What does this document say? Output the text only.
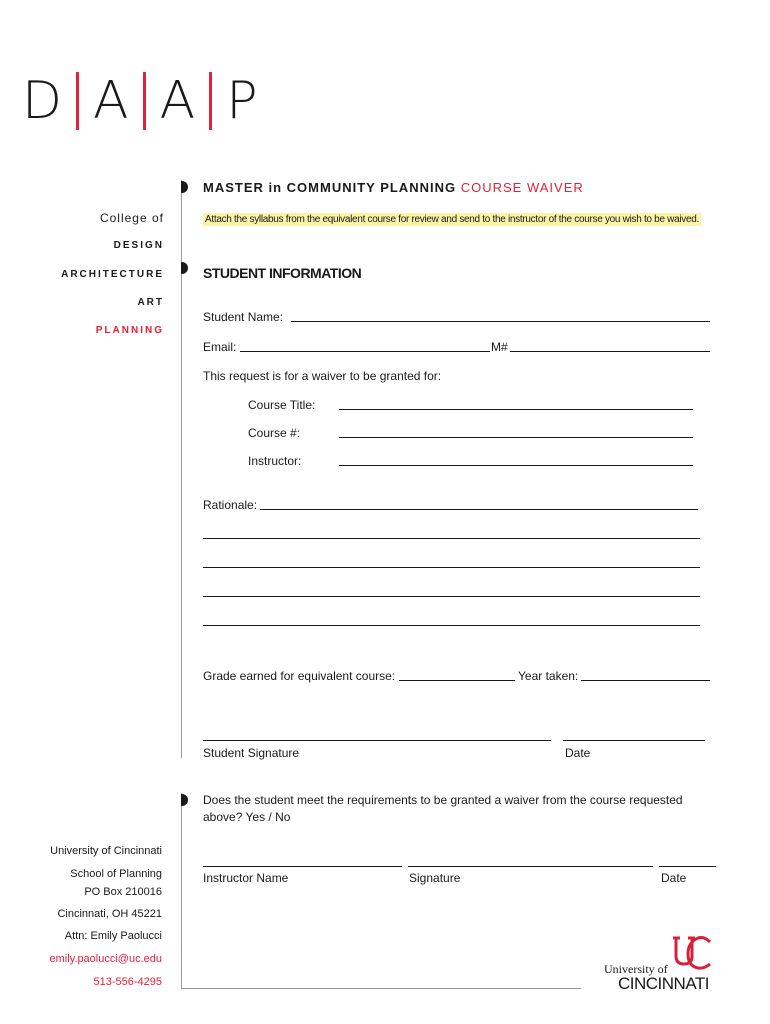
D A A P
College of
DESIGN
ARCHITECTURE
ART
PLANNING
MASTER in COMMUNITY PLANNING COURSE WAIVER
Attach the syllabus from the equivalent course for review and send to the instructor of the course you wish to be waived.
STUDENT INFORMATION
Student Name:
Email:	M#
This request is for a waiver to be granted for:
Course Title:
Course #:
Instructor:
Rationale:
Grade earned for equivalent course:	Year taken:
Student Signature	Date
Does the student meet the requirements to be granted a waiver from the course requested above? Yes / No
Instructor Name	Signature	Date
University of Cincinnati
School of Planning
PO Box 210016
Cincinnati, OH 45221
Attn: Emily Paolucci
emily.paolucci@uc.edu
513-556-4295
University of
CINCINNATI
